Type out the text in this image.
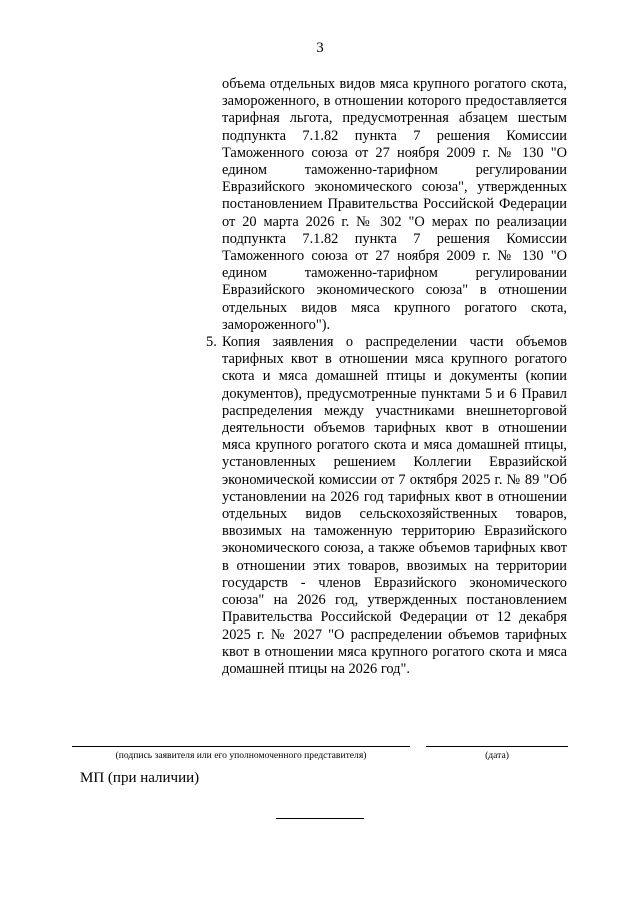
3

объема отдельных видов мяса крупного рогатого скота, замороженного, в отношении которого предоставляется тарифная льгота, предусмотренная абзацем шестым подпункта 7.1.82 пункта 7 решения Комиссии Таможенного союза от 27 ноября 2009 г. № 130 "О едином таможенно-тарифном регулировании Евразийского экономического союза", утвержденных постановлением Правительства Российской Федерации от 20 марта 2026 г. № 302 "О мерах по реализации подпункта 7.1.82 пункта 7 решения Комиссии Таможенного союза от 27 ноября 2009 г. № 130 "О едином таможенно-тарифном регулировании Евразийского экономического союза" в отношении отдельных видов мяса крупного рогатого скота, замороженного").

5. Копия заявления о распределении части объемов тарифных квот в отношении мяса крупного рогатого скота и мяса домашней птицы и документы (копии документов), предусмотренные пунктами 5 и 6 Правил распределения между участниками внешнеторговой деятельности объемов тарифных квот в отношении мяса крупного рогатого скота и мяса домашней птицы, установленных решением Коллегии Евразийской экономической комиссии от 7 октября 2025 г. № 89 "Об установлении на 2026 год тарифных квот в отношении отдельных видов сельскохозяйственных товаров, ввозимых на таможенную территорию Евразийского экономического союза, а также объемов тарифных квот в отношении этих товаров, ввозимых на территории государств - членов Евразийского экономического союза" на 2026 год, утвержденных постановлением Правительства Российской Федерации от 12 декабря 2025 г. № 2027 "О распределении объемов тарифных квот в отношении мяса крупного рогатого скота и мяса домашней птицы на 2026 год".

(подпись заявителя или его уполномоченного представителя)	(дата)
МП (при наличии)
